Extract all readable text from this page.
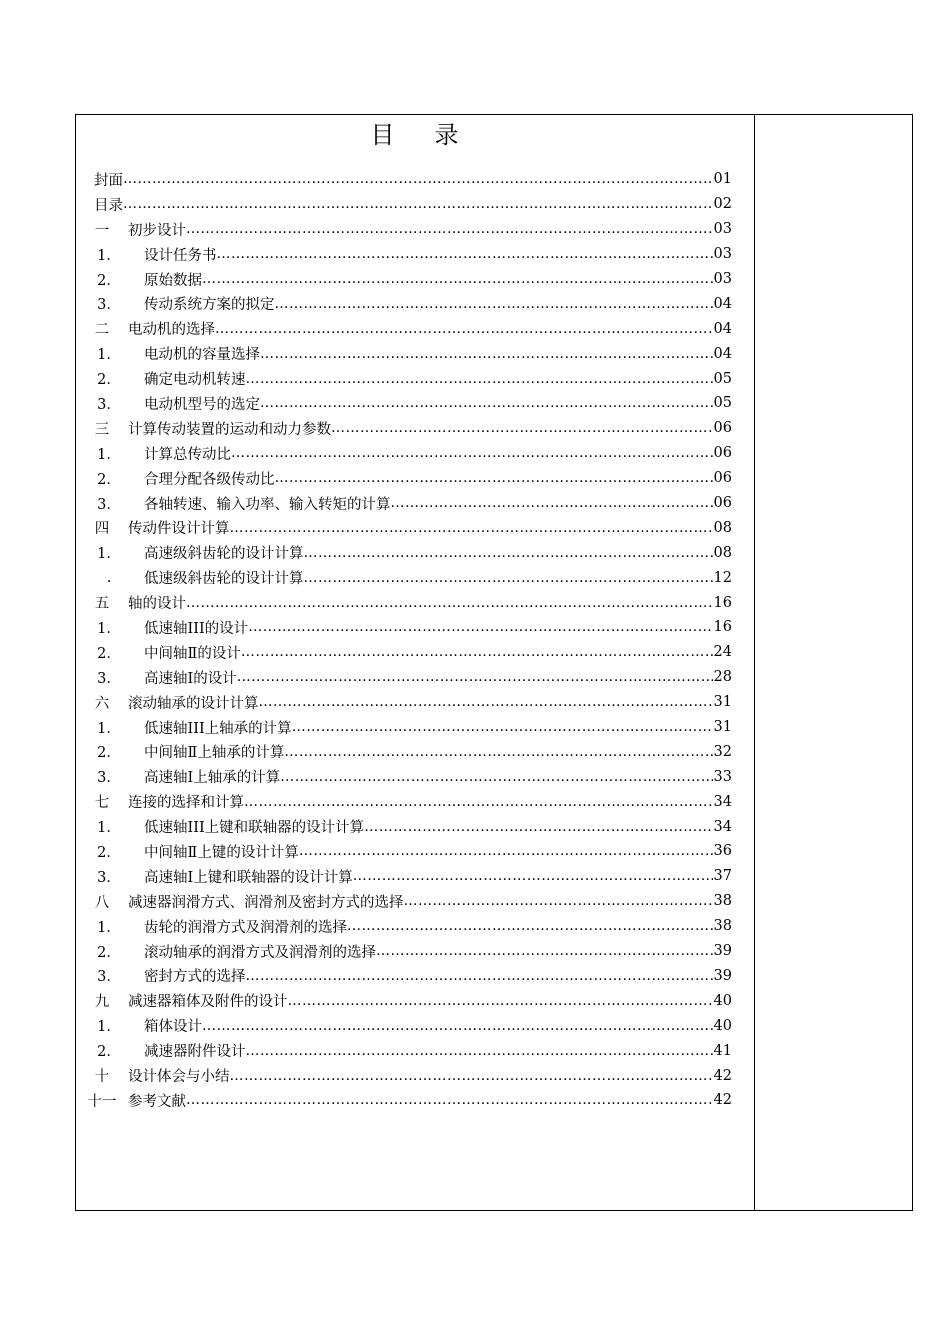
目录
封面 …………………………………………………………………………………………………………………………………………………………………………	01
目录 …………………………………………………………………………………………………………………………………………………………………………	02
一	初步设计 …………………………………………………………………………………………………………………………………………………………………………	03
1．	设计任务书 …………………………………………………………………………………………………………………………………………………………………………	03
2．	原始数据 …………………………………………………………………………………………………………………………………………………………………………	03
3．	传动系统方案的拟定 …………………………………………………………………………………………………………………………………………………………………………	04
二	电动机的选择 …………………………………………………………………………………………………………………………………………………………………………	04
1．	电动机的容量选择 …………………………………………………………………………………………………………………………………………………………………………	04
2．	确定电动机转速 …………………………………………………………………………………………………………………………………………………………………………	05
3．	电动机型号的选定 …………………………………………………………………………………………………………………………………………………………………………	05
三	计算传动装置的运动和动力参数 …………………………………………………………………………………………………………………………………………………………………………	06
1．	计算总传动比 …………………………………………………………………………………………………………………………………………………………………………	06
2．	合理分配各级传动比 …………………………………………………………………………………………………………………………………………………………………………	06
3．	各轴转速、输入功率、输入转矩的计算 …………………………………………………………………………………………………………………………………………………………………………	06
四	传动件设计计算 …………………………………………………………………………………………………………………………………………………………………………	08
1．	高速级斜齿轮的设计计算 …………………………………………………………………………………………………………………………………………………………………………	08
.	低速级斜齿轮的设计计算 …………………………………………………………………………………………………………………………………………………………………………	12
五	轴的设计 …………………………………………………………………………………………………………………………………………………………………………	16
1．	低速轴III的设计 …………………………………………………………………………………………………………………………………………………………………………	16
2．	中间轴Ⅱ的设计 …………………………………………………………………………………………………………………………………………………………………………	24
3．	高速轴Ⅰ的设计 …………………………………………………………………………………………………………………………………………………………………………	28
六	滚动轴承的设计计算 …………………………………………………………………………………………………………………………………………………………………………	31
1．	低速轴III上轴承的计算 …………………………………………………………………………………………………………………………………………………………………………	31
2．	中间轴Ⅱ上轴承的计算 …………………………………………………………………………………………………………………………………………………………………………	32
3．	高速轴Ⅰ上轴承的计算 …………………………………………………………………………………………………………………………………………………………………………	33
七	连接的选择和计算 …………………………………………………………………………………………………………………………………………………………………………	34
1．	低速轴III上键和联轴器的设计计算 …………………………………………………………………………………………………………………………………………………………………………	34
2．	中间轴Ⅱ上键的设计计算 …………………………………………………………………………………………………………………………………………………………………………	36
3．	高速轴Ⅰ上键和联轴器的设计计算 …………………………………………………………………………………………………………………………………………………………………………	37
八	减速器润滑方式、润滑剂及密封方式的选择 …………………………………………………………………………………………………………………………………………………………………………	38
1．	齿轮的润滑方式及润滑剂的选择 …………………………………………………………………………………………………………………………………………………………………………	38
2．	滚动轴承的润滑方式及润滑剂的选择 …………………………………………………………………………………………………………………………………………………………………………	39
3．	密封方式的选择 …………………………………………………………………………………………………………………………………………………………………………	39
九	减速器箱体及附件的设计 …………………………………………………………………………………………………………………………………………………………………………	40
1．	箱体设计 …………………………………………………………………………………………………………………………………………………………………………	40
2．	减速器附件设计 …………………………………………………………………………………………………………………………………………………………………………	41
十	设计体会与小结 …………………………………………………………………………………………………………………………………………………………………………	42
十一 参考文献 …………………………………………………………………………………………………………………………………………………………………………	42
